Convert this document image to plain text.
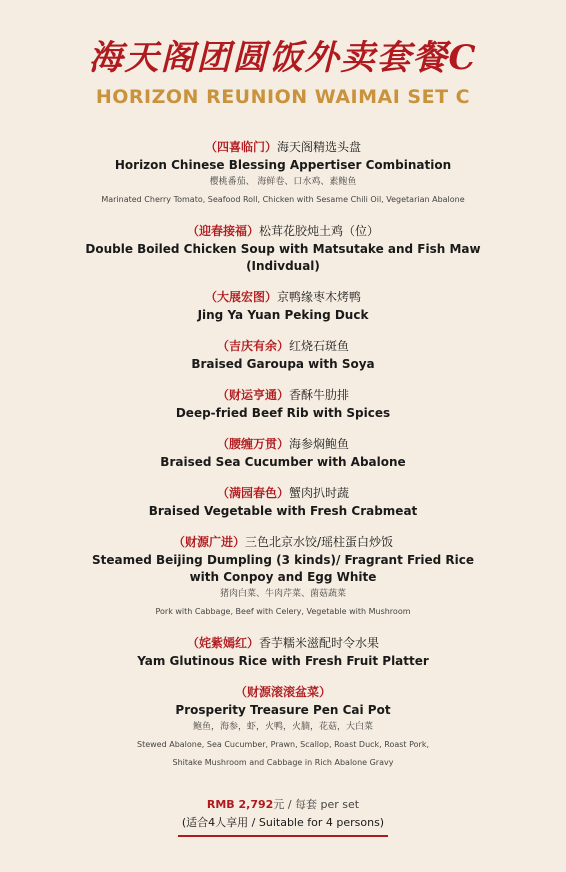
海天阁团圆饭外卖套餐C
HORIZON REUNION WAIMAI SET C
（四喜临门）海天阁精选头盘
Horizon Chinese Blessing Appertiser Combination
樱桃番茄、 海鲜卷、口水鸡、素鲍鱼
Marinated Cherry Tomato, Seafood Roll, Chicken with Sesame Chili Oil, Vegetarian Abalone
（迎春接福）松茸花胶炖土鸡（位）
Double Boiled Chicken Soup with Matsutake and Fish Maw
(Indivdual)
（大展宏图）京鸭缘枣木烤鸭
Jing Ya Yuan Peking Duck
（吉庆有余）红烧石斑鱼
Braised Garoupa with Soya
（财运亨通）香酥牛肋排
Deep-fried Beef Rib with Spices
（腰缠万贯）海参焖鲍鱼
Braised Sea Cucumber with Abalone
（满园春色）蟹肉扒时蔬
Braised Vegetable with Fresh Crabmeat
（财源广进）三色北京水饺/瑶柱蛋白炒饭
Steamed Beijing Dumpling (3 kinds)/ Fragrant Fried Rice
with Conpoy and Egg White
猪肉白菜、牛肉芹菜、菌菇蔬菜
Pork with Cabbage, Beef with Celery, Vegetable with Mushroom
（姹紫嫣红）香芋糯米滋配时令水果
Yam Glutinous Rice with Fresh Fruit Platter
（财源滚滚盆菜）
Prosperity Treasure Pen Cai Pot
鲍鱼，海参，虾，火鸭，火腩，花菇，大白菜
Stewed Abalone, Sea Cucumber, Prawn, Scallop, Roast Duck, Roast Pork,
Shitake Mushroom and Cabbage in Rich Abalone Gravy
RMB 2,792元 / 每套 per set
(适合4人享用 / Suitable for 4 persons)
